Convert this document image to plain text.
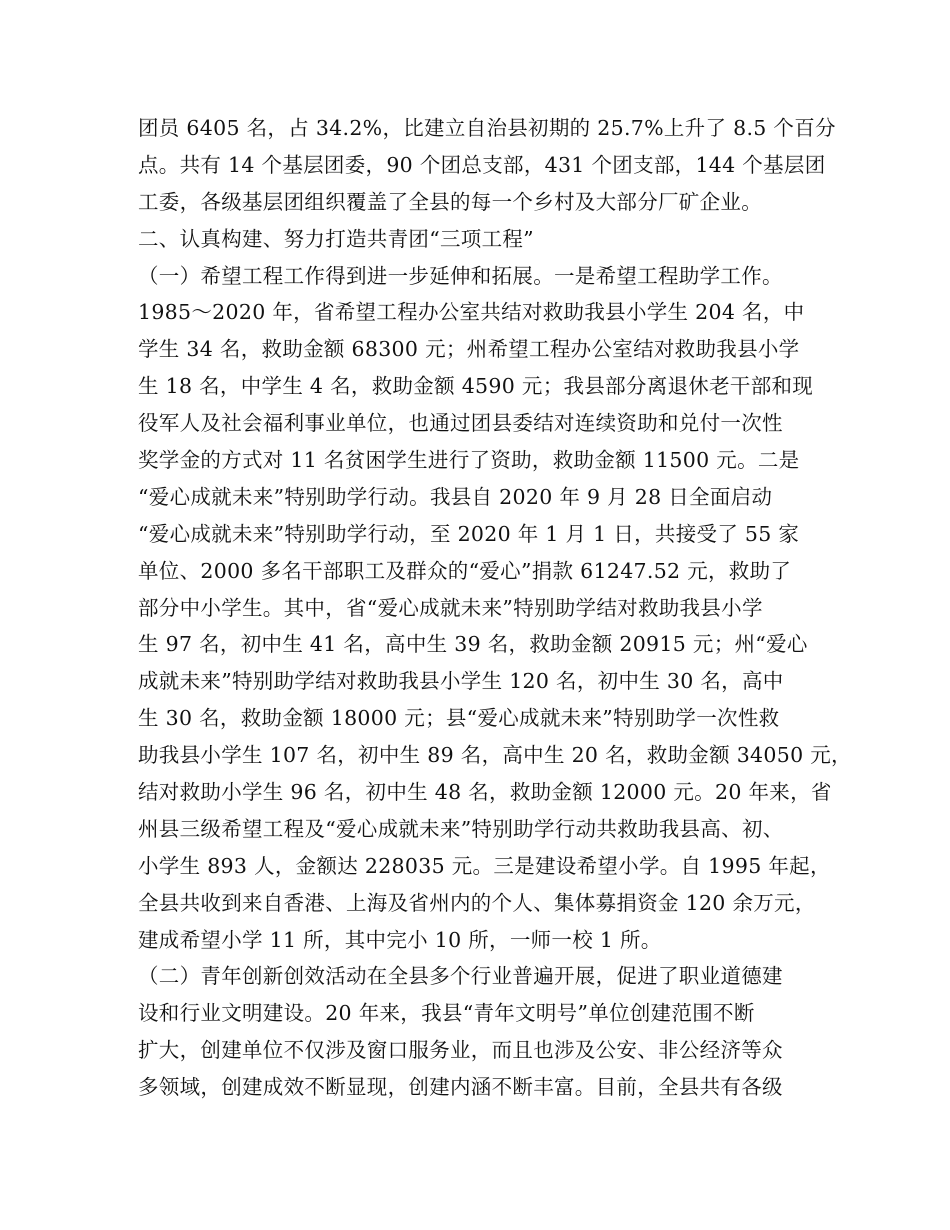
团员 6405 名，占 34.2%，比建立自治县初期的 25.7%上升了 8.5 个百分
点。共有 14 个基层团委，90 个团总支部，431 个团支部，144 个基层团
工委，各级基层团组织覆盖了全县的每一个乡村及大部分厂矿企业。
二、认真构建、努力打造共青团“三项工程”
（一）希望工程工作得到进一步延伸和拓展。一是希望工程助学工作。
1985～2020 年，省希望工程办公室共结对救助我县小学生 204 名，中
学生 34 名，救助金额 68300 元；州希望工程办公室结对救助我县小学
生 18 名，中学生 4 名，救助金额 4590 元；我县部分离退休老干部和现
役军人及社会福利事业单位，也通过团县委结对连续资助和兑付一次性
奖学金的方式对 11 名贫困学生进行了资助，救助金额 11500 元。二是
“爱心成就未来”特别助学行动。我县自 2020 年 9 月 28 日全面启动
“爱心成就未来”特别助学行动，至 2020 年 1 月 1 日，共接受了 55 家
单位、2000 多名干部职工及群众的“爱心”捐款 61247.52 元，救助了
部分中小学生。其中，省“爱心成就未来”特别助学结对救助我县小学
生 97 名，初中生 41 名，高中生 39 名，救助金额 20915 元；州“爱心
成就未来”特别助学结对救助我县小学生 120 名，初中生 30 名，高中
生 30 名，救助金额 18000 元；县“爱心成就未来”特别助学一次性救
助我县小学生 107 名，初中生 89 名，高中生 20 名，救助金额 34050 元，
结对救助小学生 96 名，初中生 48 名，救助金额 12000 元。20 年来，省
州县三级希望工程及“爱心成就未来”特别助学行动共救助我县高、初、
小学生 893 人，金额达 228035 元。三是建设希望小学。自 1995 年起，
全县共收到来自香港、上海及省州内的个人、集体募捐资金 120 余万元，
建成希望小学 11 所，其中完小 10 所，一师一校 1 所。
（二）青年创新创效活动在全县多个行业普遍开展，促进了职业道德建
设和行业文明建设。20 年来，我县“青年文明号”单位创建范围不断
扩大，创建单位不仅涉及窗口服务业，而且也涉及公安、非公经济等众
多领域，创建成效不断显现，创建内涵不断丰富。目前，全县共有各级
